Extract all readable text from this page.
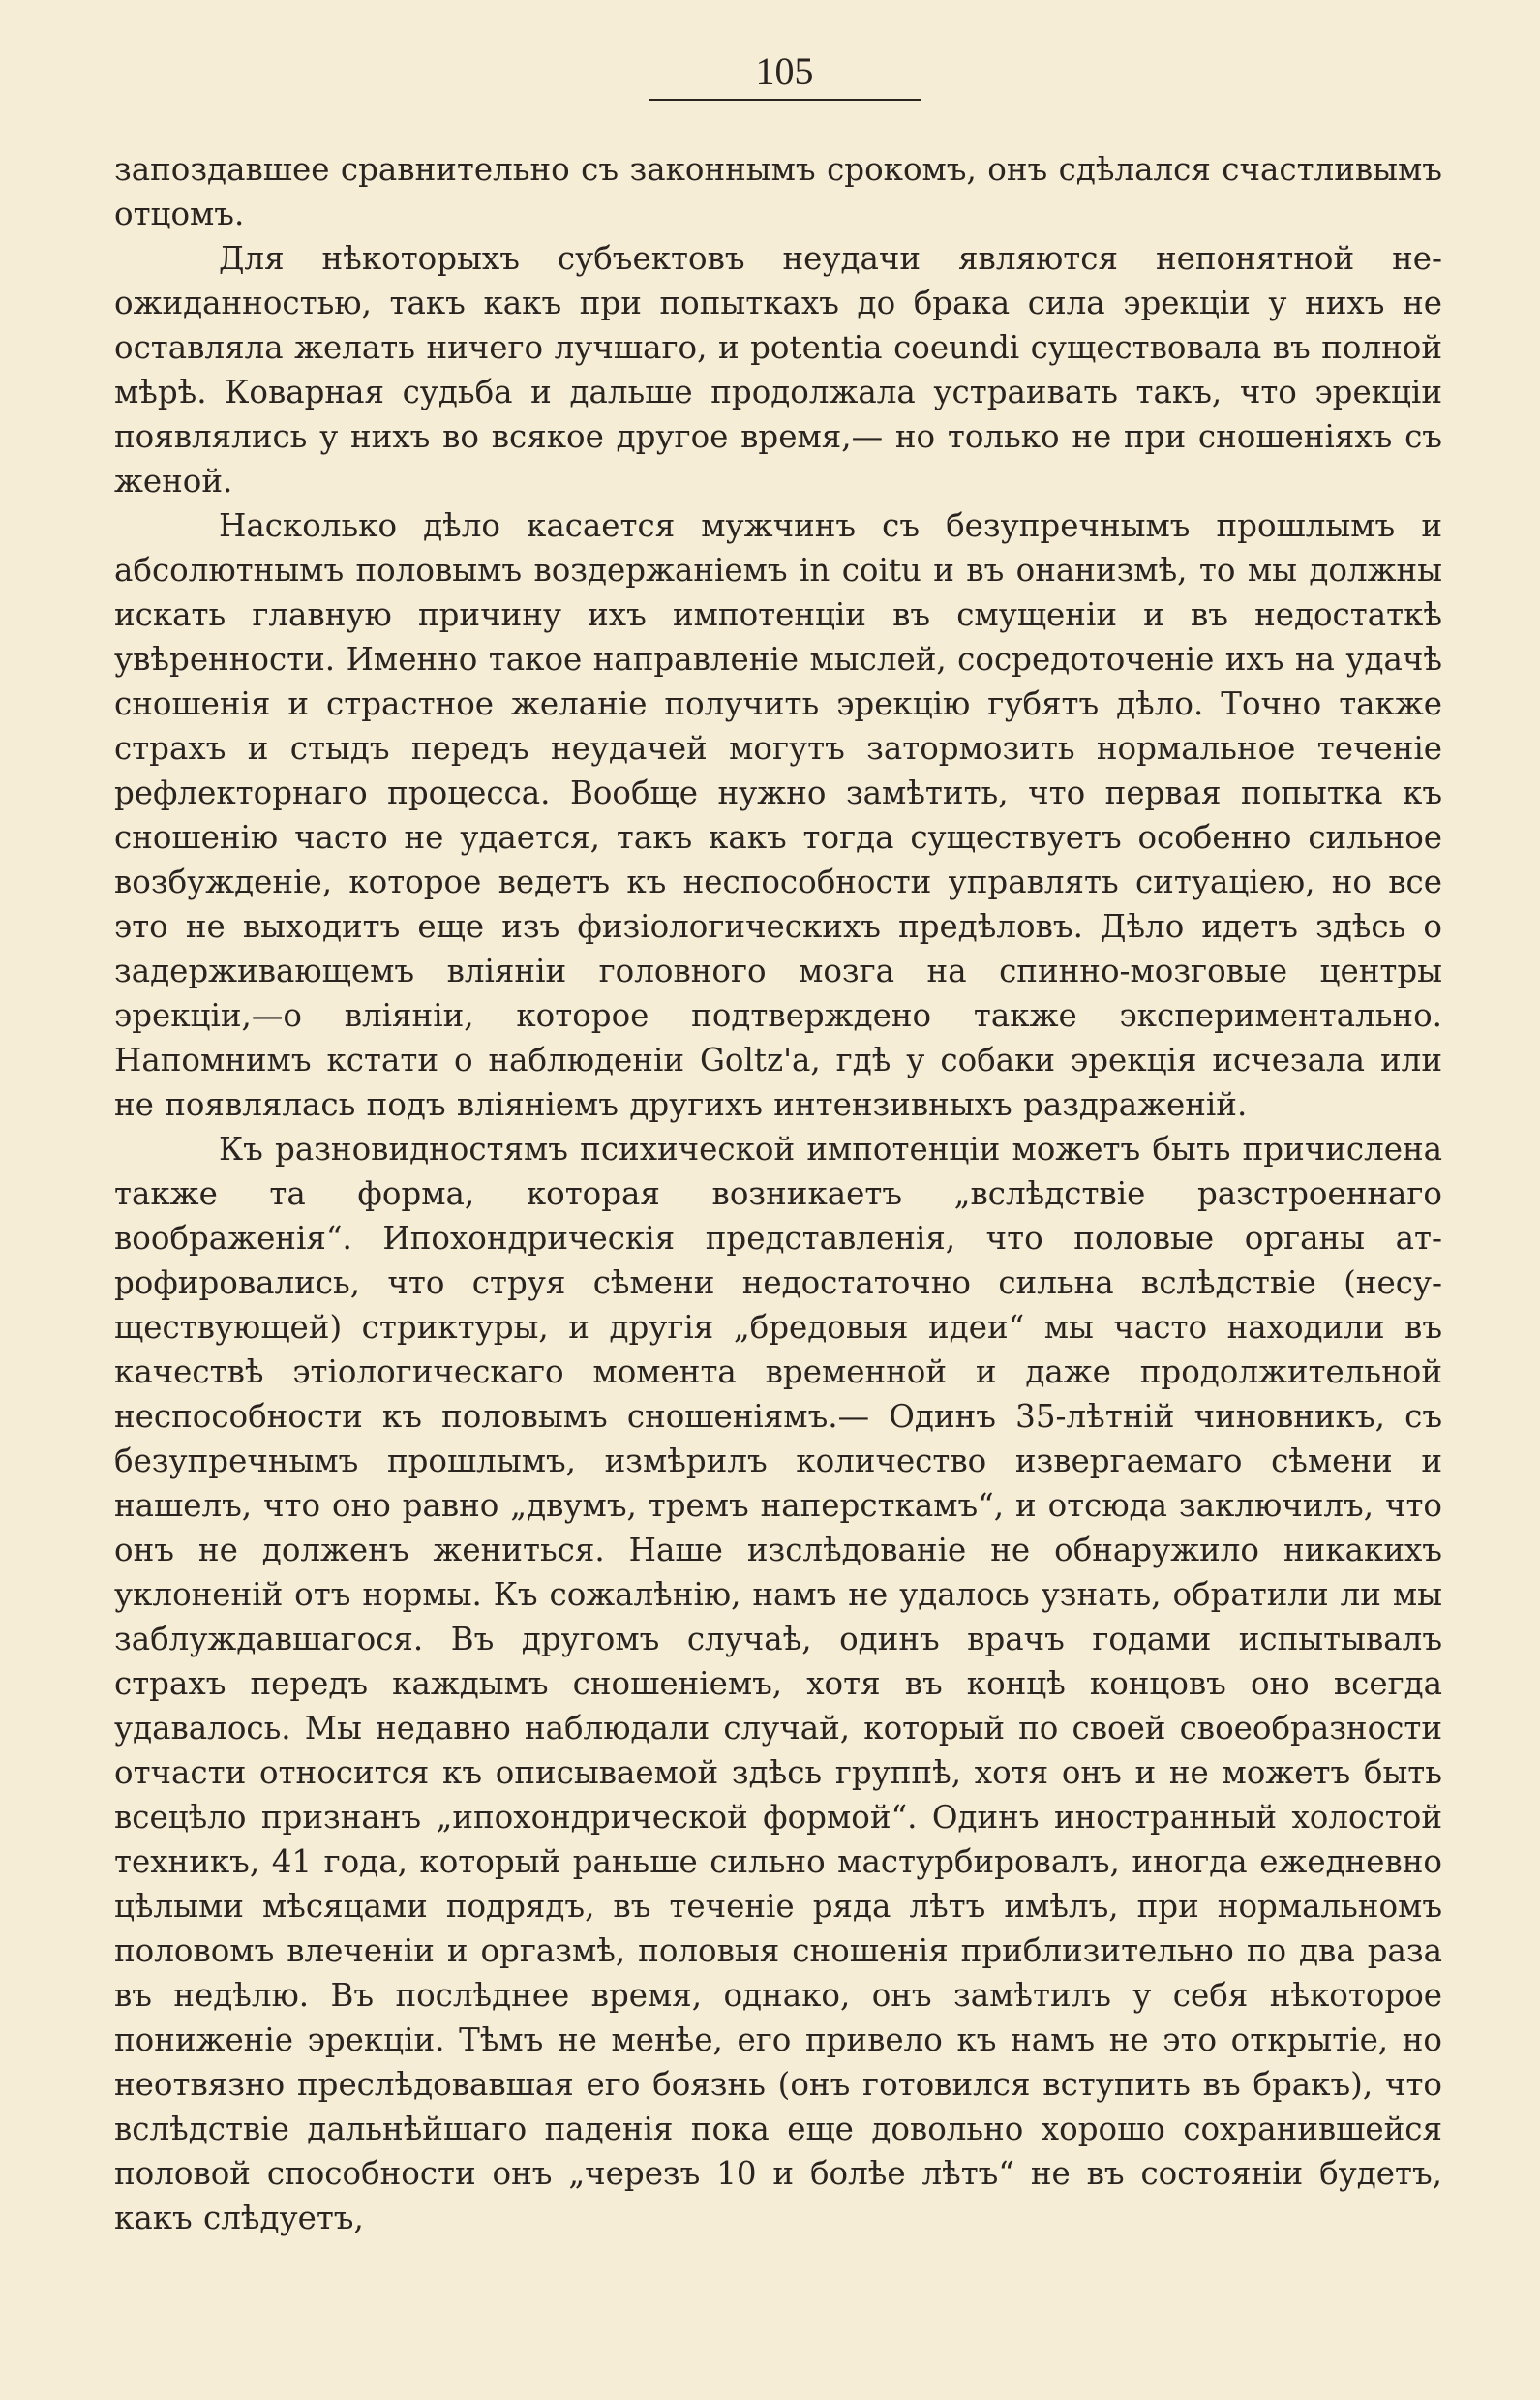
105

запоздавшее сравнительно съ законнымъ срокомъ, онъ сдѣлался счастливымъ отцомъ.

Для нѣкоторыхъ субъектовъ неудачи являются непонятной неожиданностью, такъ какъ при попыткахъ до брака сила эрекціи у нихъ не оставляла желать ничего лучшаго, и potentia coeundi существовала въ полной мѣрѣ. Коварная судьба и дальше продолжала устраивать такъ, что эрекціи появлялись у нихъ во всякое другое время,— но только не при сношеніяхъ съ женой.

Насколько дѣло касается мужчинъ съ безупречнымъ прошлымъ и абсолютнымъ половымъ воздержаніемъ in coitu и въ онанизмѣ, то мы должны искать главную причину ихъ импотенціи въ смущеніи и въ недостаткѣ увѣренности. Именно такое направленіе мыслей, сосредоточеніе ихъ на удачѣ сношенія и страстное желаніе получить эрекцію губятъ дѣло. Точно также страхъ и стыдъ передъ неудачей могутъ затормозить нормальное теченіе рефлекторнаго процесса. Вообще нужно замѣтить, что первая попытка къ сношенію часто не удается, такъ какъ тогда существуетъ особенно сильное возбужденіе, которое ведетъ къ неспособности управлять ситуаціею, но все это не выходитъ еще изъ физіологическихъ предѣловъ. Дѣло идетъ здѣсь о задерживающемъ вліяніи головного мозга на спинно-мозговые центры эрекціи,—о вліяніи, которое подтверждено также экспериментально. Напомнимъ кстати о наблюденіи Goltz'а, гдѣ у собаки эрекція исчезала или не появлялась подъ вліяніемъ другихъ интензивныхъ раздраженій.

Къ разновидностямъ психической импотенціи можетъ быть причислена также та форма, которая возникаетъ „вслѣдствіе разстроеннаго воображенія“. Ипохондрическія представленія, что половые органы атрофировались, что струя сѣмени недостаточно сильна вслѣдствіе (несуществующей) стриктуры, и другія „бредовыя идеи“ мы часто находили въ качествѣ этіологическаго момента временной и даже продолжительной неспособности къ половымъ сношеніямъ.— Одинъ 35-лѣтній чиновникъ, съ безупречнымъ прошлымъ, измѣрилъ количество извергаемаго сѣмени и нашелъ, что оно равно „двумъ, тремъ наперсткамъ“, и отсюда заключилъ, что онъ не долженъ жениться. Наше изслѣдованіе не обнаружило никакихъ уклоненій отъ нормы. Къ сожалѣнію, намъ не удалось узнать, обратили ли мы заблуждавшагося. Въ другомъ случаѣ, одинъ врачъ годами испытывалъ страхъ передъ каждымъ сношеніемъ, хотя въ концѣ концовъ оно всегда удавалось. Мы недавно наблюдали случай, который по своей своеобразности отчасти относится къ описываемой здѣсь группѣ, хотя онъ и не можетъ быть всецѣло признанъ „ипохондрической формой“. Одинъ иностранный холостой техникъ, 41 года, который раньше сильно мастурбировалъ, иногда ежедневно цѣлыми мѣсяцами подрядъ, въ теченіе ряда лѣтъ имѣлъ, при нормальномъ половомъ влеченіи и оргазмѣ, половыя сношенія приблизительно по два раза въ недѣлю. Въ послѣднее время, однако, онъ замѣтилъ у себя нѣкоторое пониженіе эрекціи. Тѣмъ не менѣе, его привело къ намъ не это открытіе, но неотвязно преслѣдовавшая его боязнь (онъ готовился вступить въ бракъ), что вслѣдствіе дальнѣйшаго паденія пока еще довольно хорошо сохранившейся половой способности онъ „черезъ 10 и болѣе лѣтъ“ не въ состояніи будетъ, какъ слѣдуетъ,
